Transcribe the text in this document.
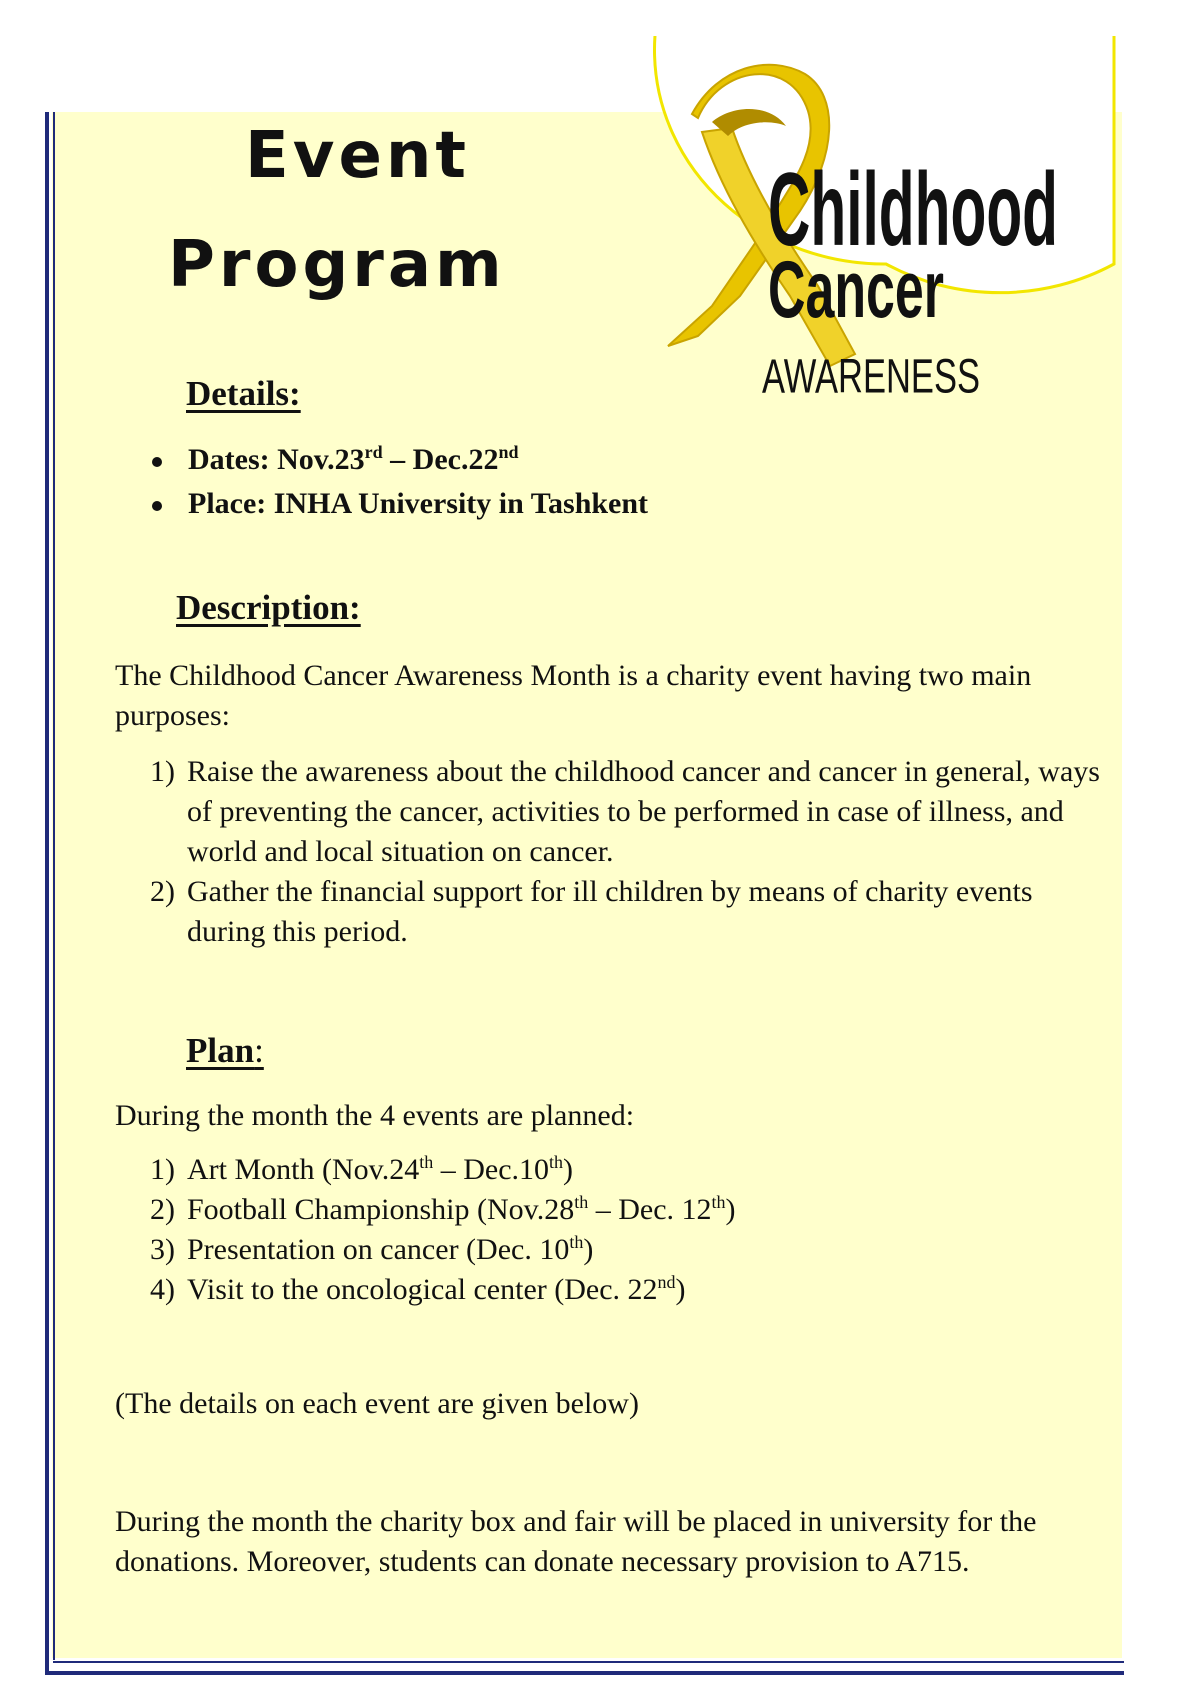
Event
Program	Childhood
Cancer
AWARENESS
Details:
Dates: Nov.23rd – Dec.22nd
Place: INHA University in Tashkent
Description:
The Childhood Cancer Awareness Month is a charity event having two main purposes:
1) Raise the awareness about the childhood cancer and cancer in general, ways of preventing the cancer, activities to be performed in case of illness, and world and local situation on cancer.
2) Gather the financial support for ill children by means of charity events during this period.
Plan:
During the month the 4 events are planned:
1) Art Month (Nov.24th – Dec.10th)
2) Football Championship (Nov.28th – Dec. 12th)
3) Presentation on cancer (Dec. 10th)
4) Visit to the oncological center (Dec. 22nd)
(The details on each event are given below)
During the month the charity box and fair will be placed in university for the donations. Moreover, students can donate necessary provision to A715.
